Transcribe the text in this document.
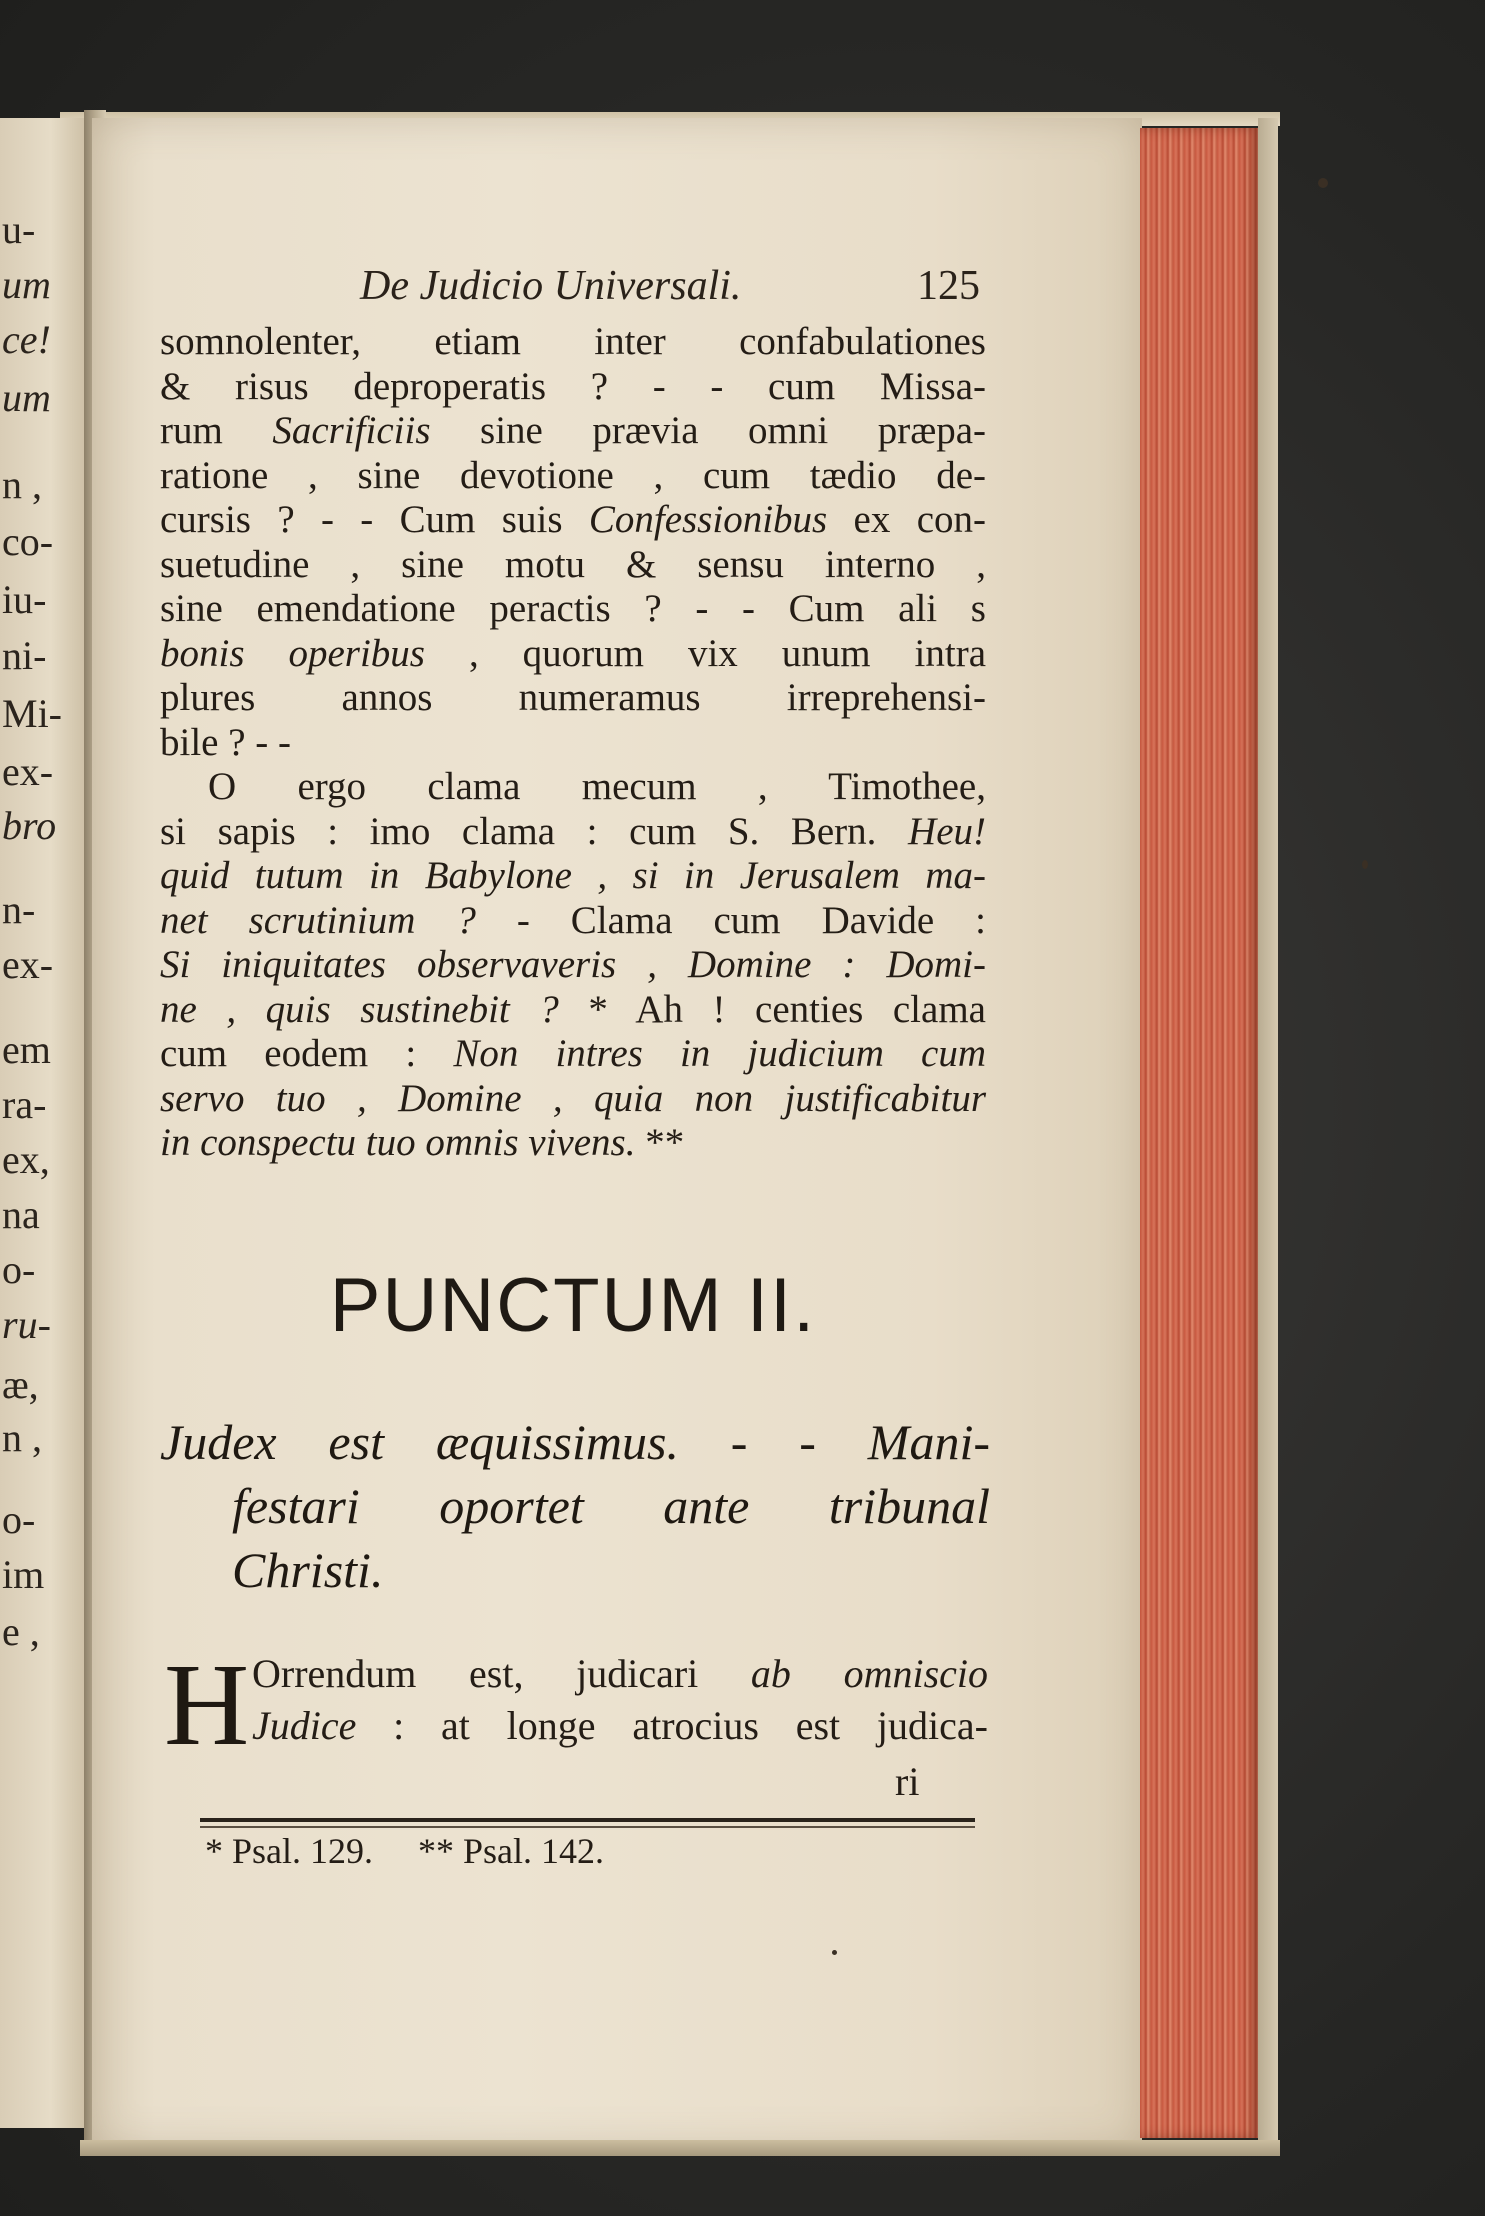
u-
um
ce!
um
n ,
co-
iu-
ni-
Mi-
ex-
bro
n-
ex-
em
ra-
ex,
na
o-
ru-
æ,
n ,
o-
im
e ,
De Judicio Universali.	125
somnolenter, etiam inter confabulationes
& risus deproperatis ? - - cum Missa-
rum Sacrificiis sine prævia omni præpa-
ratione , sine devotione , cum tædio de-
cursis ? - - Cum suis Confessionibus ex con-
suetudine , sine motu & sensu interno ,
sine emendatione peractis ? - - Cum ali s
bonis operibus , quorum vix unum intra
plures annos numeramus irreprehensi-
bile ? - -
O ergo clama mecum , Timothee,
si sapis : imo clama : cum S. Bern. Heu!
quid tutum in Babylone , si in Jerusalem ma-
net scrutinium ? - Clama cum Davide :
Si iniquitates observaveris , Domine : Domi-
ne , quis sustinebit ? * Ah ! centies clama
cum eodem : Non intres in judicium cum
servo tuo , Domine , quia non justificabitur
in conspectu tuo omnis vivens. **
PUNCTUM II.
Judex est æquissimus. - - Mani-
festari oportet ante tribunal
Christi.
H Orrendum est, judicari ab omniscio
Judice : at longe atrocius est judica-
ri
* Psal. 129. ** Psal. 142.
